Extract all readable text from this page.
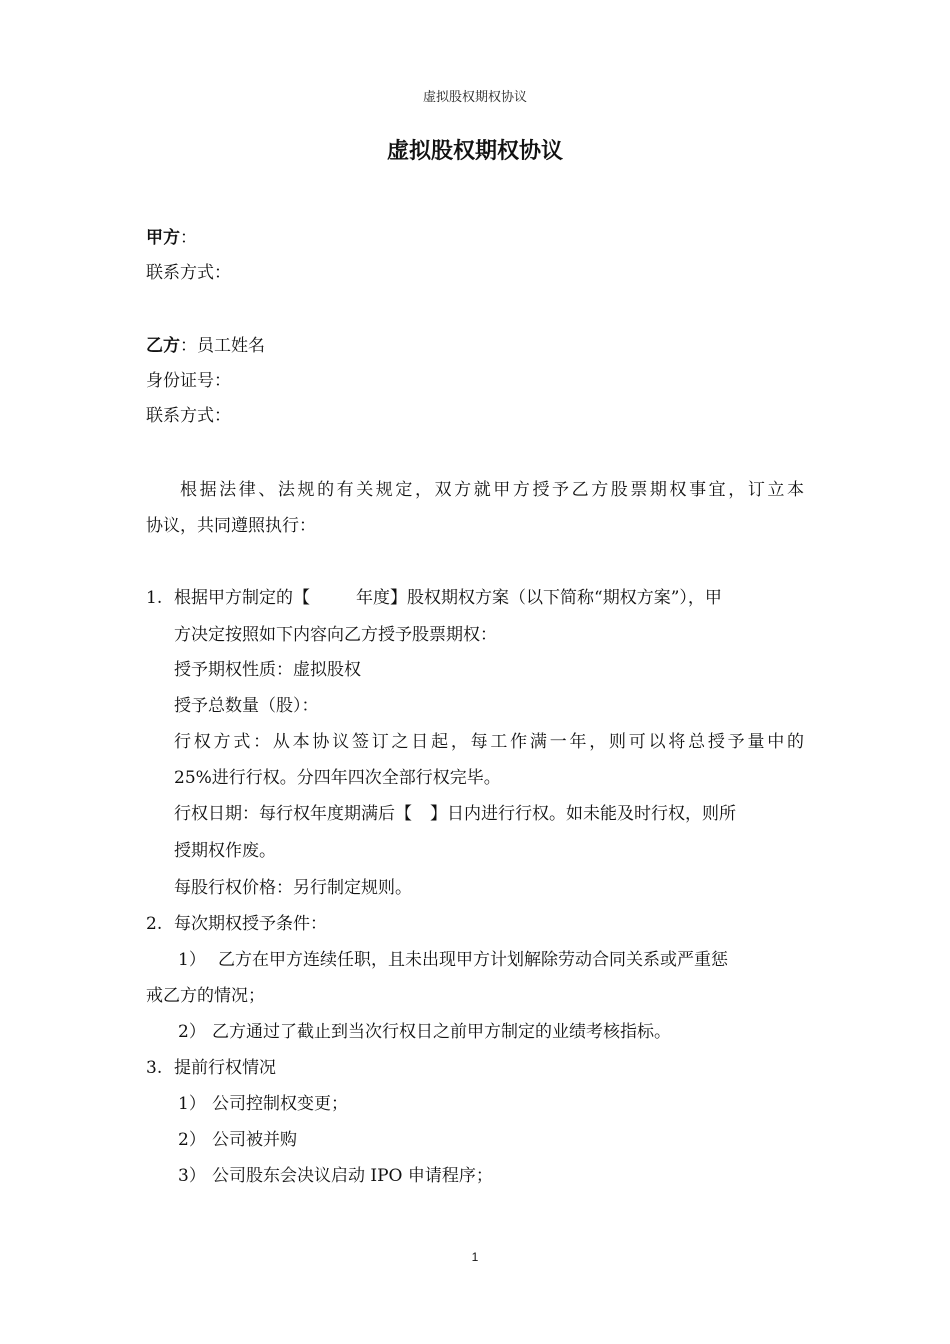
虚拟股权期权协议
虚拟股权期权协议
甲方：
联系方式：
乙方：员工姓名
身份证号：
联系方式：
根据法律、法规的有关规定，双方就甲方授予乙方股票期权事宜，订立本
协议，共同遵照执行：
1. 根据甲方制定的【	年度】股权期权方案（以下简称“期权方案”），甲
方决定按照如下内容向乙方授予股票期权：
授予期权性质：虚拟股权
授予总数量（股）：
行权方式：从本协议签订之日起，每工作满一年，则可以将总授予量中的
25%进行行权。分四年四次全部行权完毕。
行权日期：每行权年度期满后【 】日内进行行权。如未能及时行权，则所
授期权作废。
每股行权价格：另行制定规则。
2. 每次期权授予条件：
1） 乙方在甲方连续任职，且未出现甲方计划解除劳动合同关系或严重惩
戒乙方的情况；
2） 乙方通过了截止到当次行权日之前甲方制定的业绩考核指标。
3. 提前行权情况
1） 公司控制权变更；
2） 公司被并购
3） 公司股东会决议启动 IPO 申请程序；
1
